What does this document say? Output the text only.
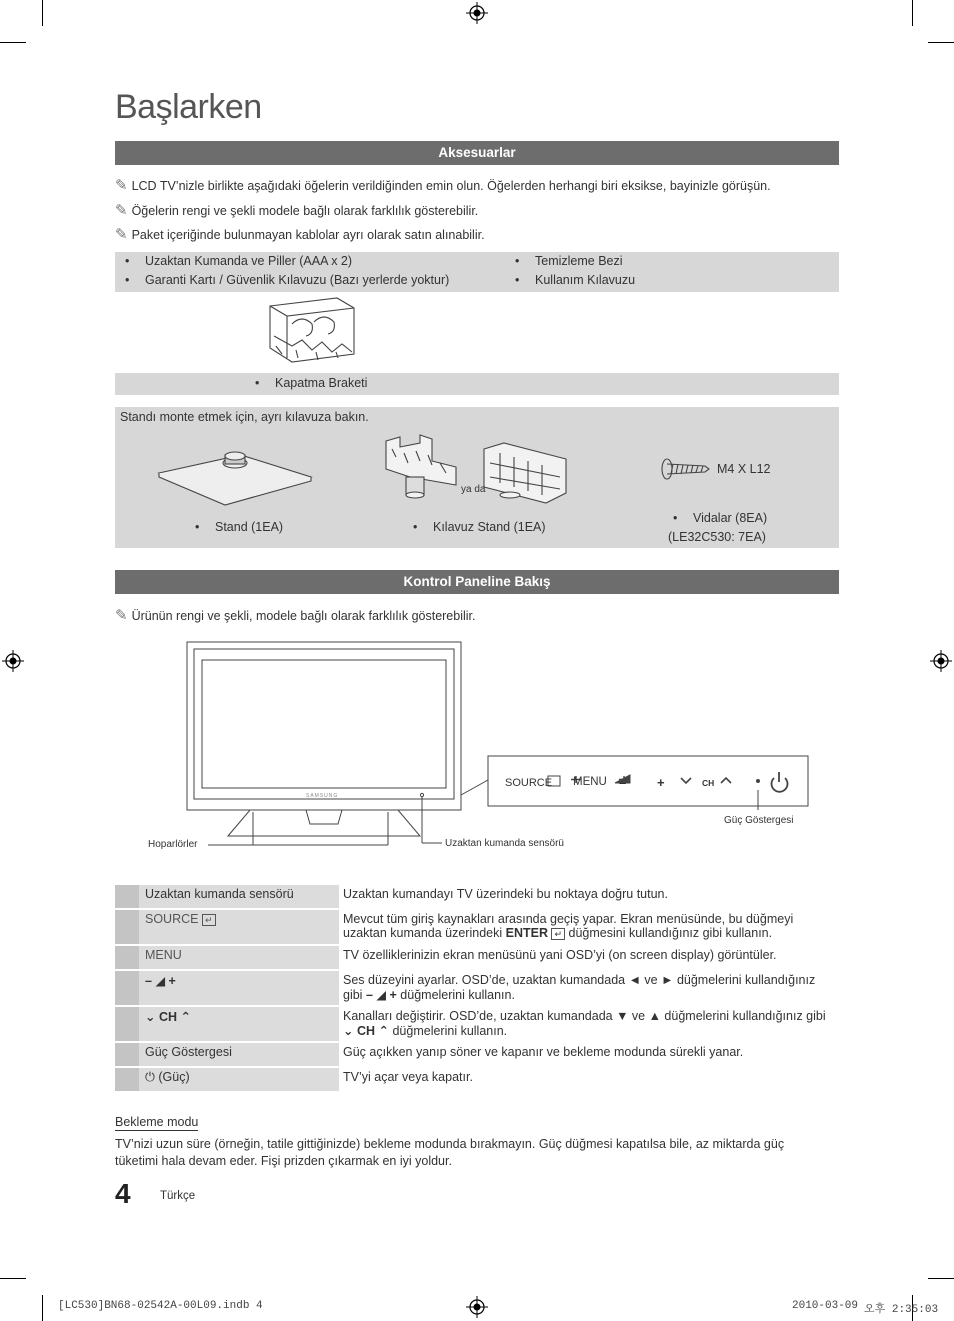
Başlarken
Aksesuarlar
✎ LCD TV’nizle birlikte aşağıdaki öğelerin verildiğinden emin olun. Öğelerden herhangi biri eksikse, bayinizle görüşün.
✎ Öğelerin rengi ve şekli modele bağlı olarak farklılık gösterebilir.
✎ Paket içeriğinde bulunmayan kablolar ayrı olarak satın alınabilir.
• Uzaktan Kumanda ve Piller (AAA x 2)
• Garanti Kartı / Güvenlik Kılavuzu (Bazı yerlerde yoktur)
• Temizleme Bezi
• Kullanım Kılavuzu
• Kapatma Braketi
Standı monte etmek için, ayrı kılavuza bakın.
ya da
M4 X L12
• Stand (1EA)
•	Kılavuz Stand (1EA)
• Vidalar (8EA)
(LE32C530: 7EA)
Kontrol Paneline Bakış
✎ Ürünün rengi ve şekli, modele bağlı olarak farklılık gösterebilir.
SAMSUNG
SOURCE MENU – +	CH
Hoparlörler	Uzaktan kumanda sensörü
Güç Göstergesi
Uzaktan kumanda sensörü	Uzaktan kumandayı TV üzerindeki bu noktaya doğru tutun.
SOURCE ↵	Mevcut tüm giriş kaynakları arasında geçiş yapar. Ekran menüsünde, bu düğmeyi
uzaktan kumanda üzerindeki ENTER ↵ düğmesini kullandığınız gibi kullanın.
MENU	TV özelliklerinizin ekran menüsünü yani OSD’yi (on screen display) görüntüler.
– ◢ +	Ses düzeyini ayarlar. OSD’de, uzaktan kumandada ◄ ve ► düğmelerini kullandığınız
gibi – ◢ + düğmelerini kullanın.
⌄ CH ⌃	Kanalları değiştirir. OSD’de, uzaktan kumandada ▼ ve ▲ düğmelerini kullandığınız gibi
⌄ CH ⌃ düğmelerini kullanın.
Güç Göstergesi	Güç açıkken yanıp söner ve kapanır ve bekleme modunda sürekli yanar.
⏻ (Güç)	TV’yi açar veya kapatır.
Bekleme modu
TV’nizi uzun süre (örneğin, tatile gittiğinizde) bekleme modunda bırakmayın. Güç düğmesi kapatılsa bile, az miktarda güç
tüketimi hala devam eder. Fişi prizden çıkarmak en iyi yoldur.
4	Türkçe
[LC530]BN68-02542A-00L09.indb 4	2010-03-09 오후 2:35:03
